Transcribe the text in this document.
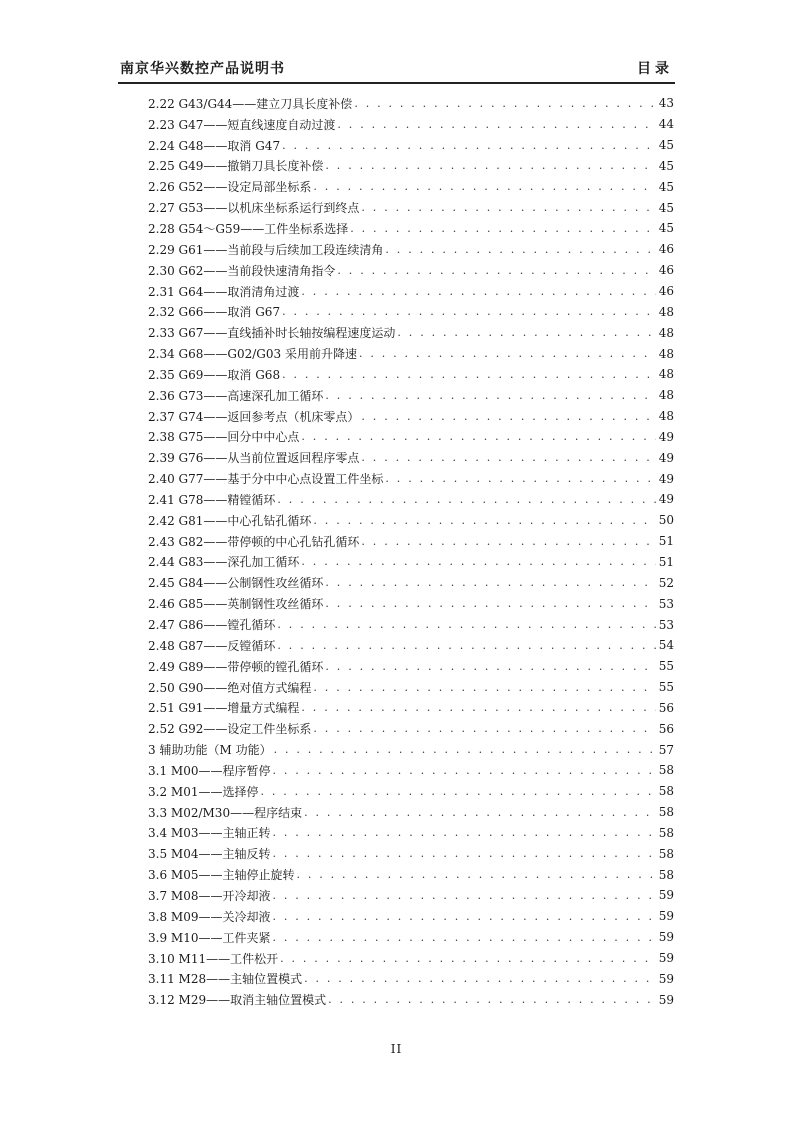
南京华兴数控产品说明书	目录
2.22 G43/G44——建立刀具长度补偿 . . .	43
2.23 G47——短直线速度自动过渡 . . .	44
2.24 G48——取消 G47 . . .	45
2.25 G49——撤销刀具长度补偿 . . .	45
2.26 G52——设定局部坐标系 . . .	45
2.27 G53——以机床坐标系运行到终点 . . .	45
2.28 G54～G59——工件坐标系选择 . . .	45
2.29 G61——当前段与后续加工段连续清角 . . .	46
2.30 G62——当前段快速清角指令 . . .	46
2.31 G64——取消清角过渡 . . .	46
2.32 G66——取消 G67 . . .	48
2.33 G67——直线插补时长轴按编程速度运动 . . .	48
2.34 G68——G02/G03 采用前升降速 . . .	48
2.35 G69——取消 G68 . . .	48
2.36 G73——高速深孔加工循环 . . .	48
2.37 G74——返回参考点（机床零点） . . .	48
2.38 G75——回分中中心点 . . .	49
2.39 G76——从当前位置返回程序零点 . . .	49
2.40 G77——基于分中中心点设置工件坐标 . . .	49
2.41 G78——精镗循环 . . .	49
2.42 G81——中心孔钻孔循环 . . .	50
2.43 G82——带停顿的中心孔钻孔循环 . . .	51
2.44 G83——深孔加工循环 . . .	51
2.45 G84——公制钢性攻丝循环 . . .	52
2.46 G85——英制钢性攻丝循环 . . .	53
2.47 G86——镗孔循环 . . .	53
2.48 G87——反镗循环 . . .	54
2.49 G89——带停顿的镗孔循环 . . .	55
2.50 G90——绝对值方式编程 . . .	55
2.51 G91——增量方式编程 . . .	56
2.52 G92——设定工件坐标系 . . .	56
3 辅助功能（M 功能） . . .	57
3.1 M00——程序暂停 . . .	58
3.2 M01——选择停 . . .	58
3.3 M02/M30——程序结束 . . .	58
3.4 M03——主轴正转 . . .	58
3.5 M04——主轴反转 . . .	58
3.6 M05——主轴停止旋转 . . .	58
3.7 M08——开冷却液 . . .	59
3.8 M09——关冷却液 . . .	59
3.9 M10——工件夹紧 . . .	59
3.10 M11——工件松开 . . .	59
3.11 M28——主轴位置模式 . . .	59
3.12 M29——取消主轴位置模式 . . .	59
II
